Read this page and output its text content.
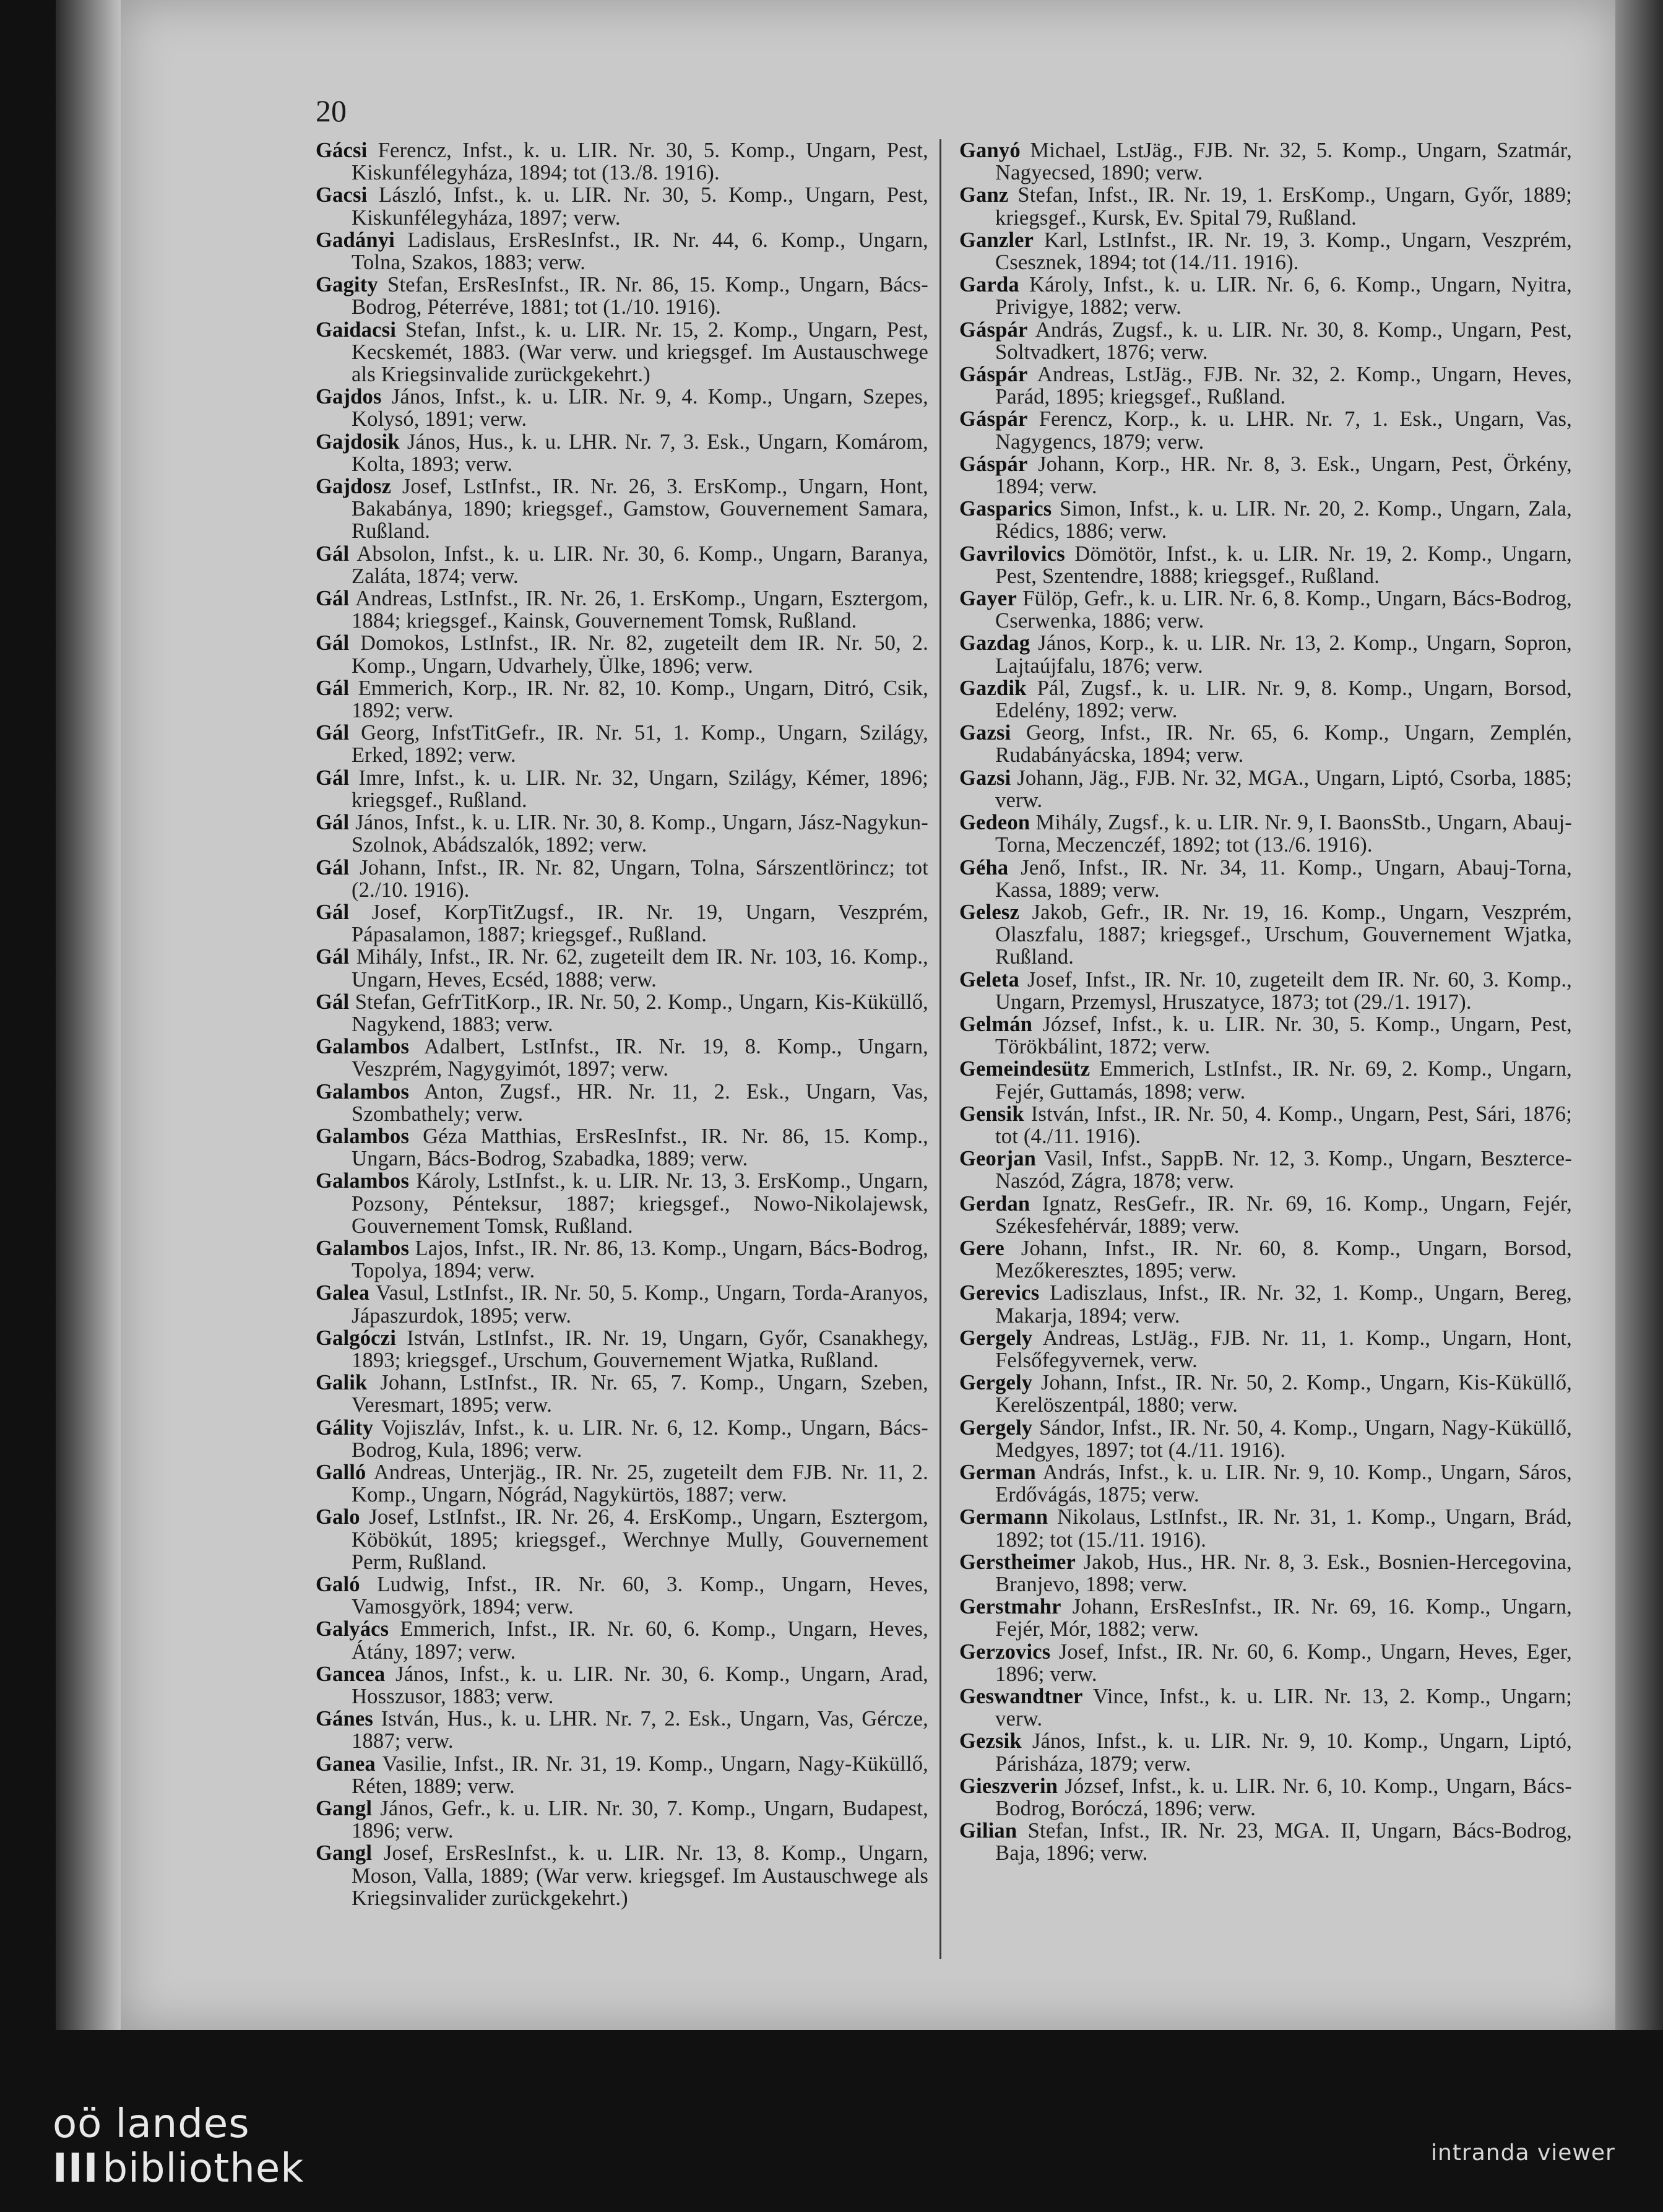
20

Gácsi Ferencz, Infst., k. u. LIR. Nr. 30, 5. Komp., Ungarn, Pest, Kiskunfélegyháza, 1894; tot (13./8. 1916).

Gacsi László, Infst., k. u. LIR. Nr. 30, 5. Komp., Ungarn, Pest, Kiskunfélegyháza, 1897; verw.

Gadányi Ladislaus, ErsResInfst., IR. Nr. 44, 6. Komp., Ungarn, Tolna, Szakos, 1883; verw.

Gagity Stefan, ErsResInfst., IR. Nr. 86, 15. Komp., Ungarn, Bács-Bodrog, Péterréve, 1881; tot (1./10. 1916).

Gaidacsi Stefan, Infst., k. u. LIR. Nr. 15, 2. Komp., Ungarn, Pest, Kecskemét, 1883. (War verw. und kriegsgef. Im Austauschwege als Kriegsinvalide zurückgekehrt.)

Gajdos János, Infst., k. u. LIR. Nr. 9, 4. Komp., Ungarn, Szepes, Kolysó, 1891; verw.

Gajdosik János, Hus., k. u. LHR. Nr. 7, 3. Esk., Ungarn, Komárom, Kolta, 1893; verw.

Gajdosz Josef, LstInfst., IR. Nr. 26, 3. ErsKomp., Ungarn, Hont, Bakabánya, 1890; kriegsgef., Gamstow, Gouvernement Samara, Rußland.

Gál Absolon, Infst., k. u. LIR. Nr. 30, 6. Komp., Ungarn, Baranya, Zaláta, 1874; verw.

Gál Andreas, LstInfst., IR. Nr. 26, 1. ErsKomp., Ungarn, Esztergom, 1884; kriegsgef., Kainsk, Gouvernement Tomsk, Rußland.

Gál Domokos, LstInfst., IR. Nr. 82, zugeteilt dem IR. Nr. 50, 2. Komp., Ungarn, Udvarhely, Ülke, 1896; verw.

Gál Emmerich, Korp., IR. Nr. 82, 10. Komp., Ungarn, Ditró, Csik, 1892; verw.

Gál Georg, InfstTitGefr., IR. Nr. 51, 1. Komp., Ungarn, Szilágy, Erked, 1892; verw.

Gál Imre, Infst., k. u. LIR. Nr. 32, Ungarn, Szilágy, Kémer, 1896; kriegsgef., Rußland.

Gál János, Infst., k. u. LIR. Nr. 30, 8. Komp., Ungarn, Jász-Nagykun-Szolnok, Abádszalók, 1892; verw.

Gál Johann, Infst., IR. Nr. 82, Ungarn, Tolna, Sárszentlörincz; tot (2./10. 1916).

Gál Josef, KorpTitZugsf., IR. Nr. 19, Ungarn, Veszprém, Pápasalamon, 1887; kriegsgef., Rußland.

Gál Mihály, Infst., IR. Nr. 62, zugeteilt dem IR. Nr. 103, 16. Komp., Ungarn, Heves, Ecséd, 1888; verw.

Gál Stefan, GefrTitKorp., IR. Nr. 50, 2. Komp., Ungarn, Kis-Küküllő, Nagykend, 1883; verw.

Galambos Adalbert, LstInfst., IR. Nr. 19, 8. Komp., Ungarn, Veszprém, Nagygyimót, 1897; verw.

Galambos Anton, Zugsf., HR. Nr. 11, 2. Esk., Ungarn, Vas, Szombathely; verw.

Galambos Géza Matthias, ErsResInfst., IR. Nr. 86, 15. Komp., Ungarn, Bács-Bodrog, Szabadka, 1889; verw.

Galambos Károly, LstInfst., k. u. LIR. Nr. 13, 3. ErsKomp., Ungarn, Pozsony, Pénteksur, 1887; kriegsgef., Nowo-Nikolajewsk, Gouvernement Tomsk, Rußland.

Galambos Lajos, Infst., IR. Nr. 86, 13. Komp., Ungarn, Bács-Bodrog, Topolya, 1894; verw.

Galea Vasul, LstInfst., IR. Nr. 50, 5. Komp., Ungarn, Torda-Aranyos, Jáраszurdok, 1895; verw.

Galgóczi István, LstInfst., IR. Nr. 19, Ungarn, Győr, Csanakhegy, 1893; kriegsgef., Urschum, Gouvernement Wjatka, Rußland.

Galik Johann, LstInfst., IR. Nr. 65, 7. Komp., Ungarn, Szeben, Veresmart, 1895; verw.

Gálity Vojiszláv, Infst., k. u. LIR. Nr. 6, 12. Komp., Ungarn, Bács-Bodrog, Kula, 1896; verw.

Galló Andreas, Unterjäg., IR. Nr. 25, zugeteilt dem FJB. Nr. 11, 2. Komp., Ungarn, Nógrád, Nagykürtös, 1887; verw.

Galo Josef, LstInfst., IR. Nr. 26, 4. ErsKomp., Ungarn, Esztergom, Köbökút, 1895; kriegsgef., Werchnye Mully, Gouvernement Perm, Rußland.

Galó Ludwig, Infst., IR. Nr. 60, 3. Komp., Ungarn, Heves, Vamosgyörk, 1894; verw.

Galyács Emmerich, Infst., IR. Nr. 60, 6. Komp., Ungarn, Heves, Átány, 1897; verw.

Gancea János, Infst., k. u. LIR. Nr. 30, 6. Komp., Ungarn, Arad, Hosszusor, 1883; verw.

Gánes István, Hus., k. u. LHR. Nr. 7, 2. Esk., Ungarn, Vas, Gércze, 1887; verw.

Ganea Vasilie, Infst., IR. Nr. 31, 19. Komp., Ungarn, Nagy-Küküllő, Réten, 1889; verw.

Gangl János, Gefr., k. u. LIR. Nr. 30, 7. Komp., Ungarn, Budapest, 1896; verw.

Gangl Josef, ErsResInfst., k. u. LIR. Nr. 13, 8. Komp., Ungarn, Moson, Valla, 1889; (War verw. kriegsgef. Im Austauschwege als Kriegsinvalider zurückgekehrt.)

Ganyó Michael, LstJäg., FJB. Nr. 32, 5. Komp., Ungarn, Szatmár, Nagyecsed, 1890; verw.

Ganz Stefan, Infst., IR. Nr. 19, 1. ErsKomp., Ungarn, Győr, 1889; kriegsgef., Kursk, Ev. Spital 79, Rußland.

Ganzler Karl, LstInfst., IR. Nr. 19, 3. Komp., Ungarn, Veszprém, Csesznek, 1894; tot (14./11. 1916).

Garda Károly, Infst., k. u. LIR. Nr. 6, 6. Komp., Ungarn, Nyitra, Privigye, 1882; verw.

Gáspár András, Zugsf., k. u. LIR. Nr. 30, 8. Komp., Ungarn, Pest, Soltvadkert, 1876; verw.

Gáspár Andreas, LstJäg., FJB. Nr. 32, 2. Komp., Ungarn, Heves, Parád, 1895; kriegsgef., Rußland.

Gáspár Ferencz, Korp., k. u. LHR. Nr. 7, 1. Esk., Ungarn, Vas, Nagygencs, 1879; verw.

Gáspár Johann, Korp., HR. Nr. 8, 3. Esk., Ungarn, Pest, Örkény, 1894; verw.

Gasparics Simon, Infst., k. u. LIR. Nr. 20, 2. Komp., Ungarn, Zala, Rédics, 1886; verw.

Gavrilovics Dömötör, Infst., k. u. LIR. Nr. 19, 2. Komp., Ungarn, Pest, Szentendre, 1888; kriegsgef., Rußland.

Gayer Fülöp, Gefr., k. u. LIR. Nr. 6, 8. Komp., Ungarn, Bács-Bodrog, Cserwenka, 1886; verw.

Gazdag János, Korp., k. u. LIR. Nr. 13, 2. Komp., Ungarn, Sopron, Lajtaújfalu, 1876; verw.

Gazdik Pál, Zugsf., k. u. LIR. Nr. 9, 8. Komp., Ungarn, Borsod, Edelény, 1892; verw.

Gazsi Georg, Infst., IR. Nr. 65, 6. Komp., Ungarn, Zemplén, Rudabányácska, 1894; verw.

Gazsi Johann, Jäg., FJB. Nr. 32, MGA., Ungarn, Liptó, Csorba, 1885; verw.

Gedeon Mihály, Zugsf., k. u. LIR. Nr. 9, I. BaonsStb., Ungarn, Abauj-Torna, Meczenczéf, 1892; tot (13./6. 1916).

Géha Jenő, Infst., IR. Nr. 34, 11. Komp., Ungarn, Abauj-Torna, Kassa, 1889; verw.

Gelesz Jakob, Gefr., IR. Nr. 19, 16. Komp., Ungarn, Veszprém, Olaszfalu, 1887; kriegsgef., Urschum, Gouvernement Wjatka, Rußland.

Geleta Josef, Infst., IR. Nr. 10, zugeteilt dem IR. Nr. 60, 3. Komp., Ungarn, Przemysl, Hruszatyce, 1873; tot (29./1. 1917).

Gelmán József, Infst., k. u. LIR. Nr. 30, 5. Komp., Ungarn, Pest, Törökbálint, 1872; verw.

Gemeindesütz Emmerich, LstInfst., IR. Nr. 69, 2. Komp., Ungarn, Fejér, Guttamás, 1898; verw.

Gensik István, Infst., IR. Nr. 50, 4. Komp., Ungarn, Pest, Sári, 1876; tot (4./11. 1916).

Georjan Vasil, Infst., SappB. Nr. 12, 3. Komp., Ungarn, Beszterce-Naszód, Zágra, 1878; verw.

Gerdan Ignatz, ResGefr., IR. Nr. 69, 16. Komp., Ungarn, Fejér, Székesfehérvár, 1889; verw.

Gere Johann, Infst., IR. Nr. 60, 8. Komp., Ungarn, Borsod, Mezőkeresztes, 1895; verw.

Gerevics Ladiszlaus, Infst., IR. Nr. 32, 1. Komp., Ungarn, Bereg, Makarja, 1894; verw.

Gergely Andreas, LstJäg., FJB. Nr. 11, 1. Komp., Ungarn, Hont, Felsőfegyvernek, verw.

Gergely Johann, Infst., IR. Nr. 50, 2. Komp., Ungarn, Kis-Küküllő, Kerelöszentpál, 1880; verw.

Gergely Sándor, Infst., IR. Nr. 50, 4. Komp., Ungarn, Nagy-Küküllő, Medgyes, 1897; tot (4./11. 1916).

German András, Infst., k. u. LIR. Nr. 9, 10. Komp., Ungarn, Sáros, Erdővágás, 1875; verw.

Germann Nikolaus, LstInfst., IR. Nr. 31, 1. Komp., Ungarn, Brád, 1892; tot (15./11. 1916).

Gerstheimer Jakob, Hus., HR. Nr. 8, 3. Esk., Bosnien-Hercegovina, Branjevo, 1898; verw.

Gerstmahr Johann, ErsResInfst., IR. Nr. 69, 16. Komp., Ungarn, Fejér, Mór, 1882; verw.

Gerzovics Josef, Infst., IR. Nr. 60, 6. Komp., Ungarn, Heves, Eger, 1896; verw.

Geswandtner Vince, Infst., k. u. LIR. Nr. 13, 2. Komp., Ungarn; verw.

Gezsik János, Infst., k. u. LIR. Nr. 9, 10. Komp., Ungarn, Liptó, Párisháza, 1879; verw.

Gieszverin József, Infst., k. u. LIR. Nr. 6, 10. Komp., Ungarn, Bács-Bodrog, Boróczá, 1896; verw.

Gilian Stefan, Infst., IR. Nr. 23, MGA. II, Ungarn, Bács-Bodrog, Baja, 1896; verw.

oö landes
IIIbibliothek	intranda viewer
